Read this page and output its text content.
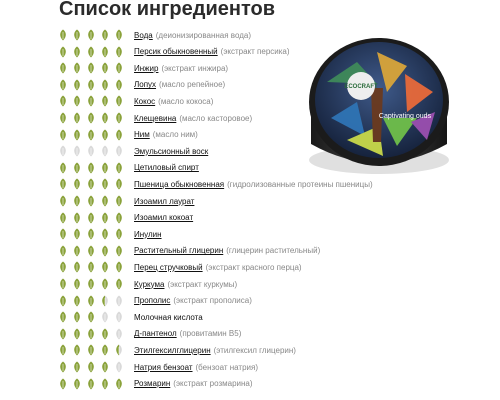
Список ингредиентов
Вода (деионизированная вода)
Персик обыкновенный (экстракт персика)
Инжир (экстракт инжира)
Лопух (масло репейное)
Кокос (масло кокоса)
Клещевина (масло касторовое)
Ним (масло ним)
Эмульсионный воск
Цетиловый спирт
Пшеница обыкновенная (гидролизованные протеины пшеницы)
Изоамил лаурат
Изоамил кокоат
Инулин
Растительный глицерин (глицерин растительный)
Перец стручковый (экстракт красного перца)
Куркума (экстракт куркумы)
Прополис (экстракт прополиса)
Молочная кислота
Д-пантенол (провитамин B5)
Этилгексилглицерин (этилгексил глицерин)
Натрия бензоат (бензоат натрия)
Розмарин (экстракт розмарина)
ECOCRAFT
Captivating ouds
